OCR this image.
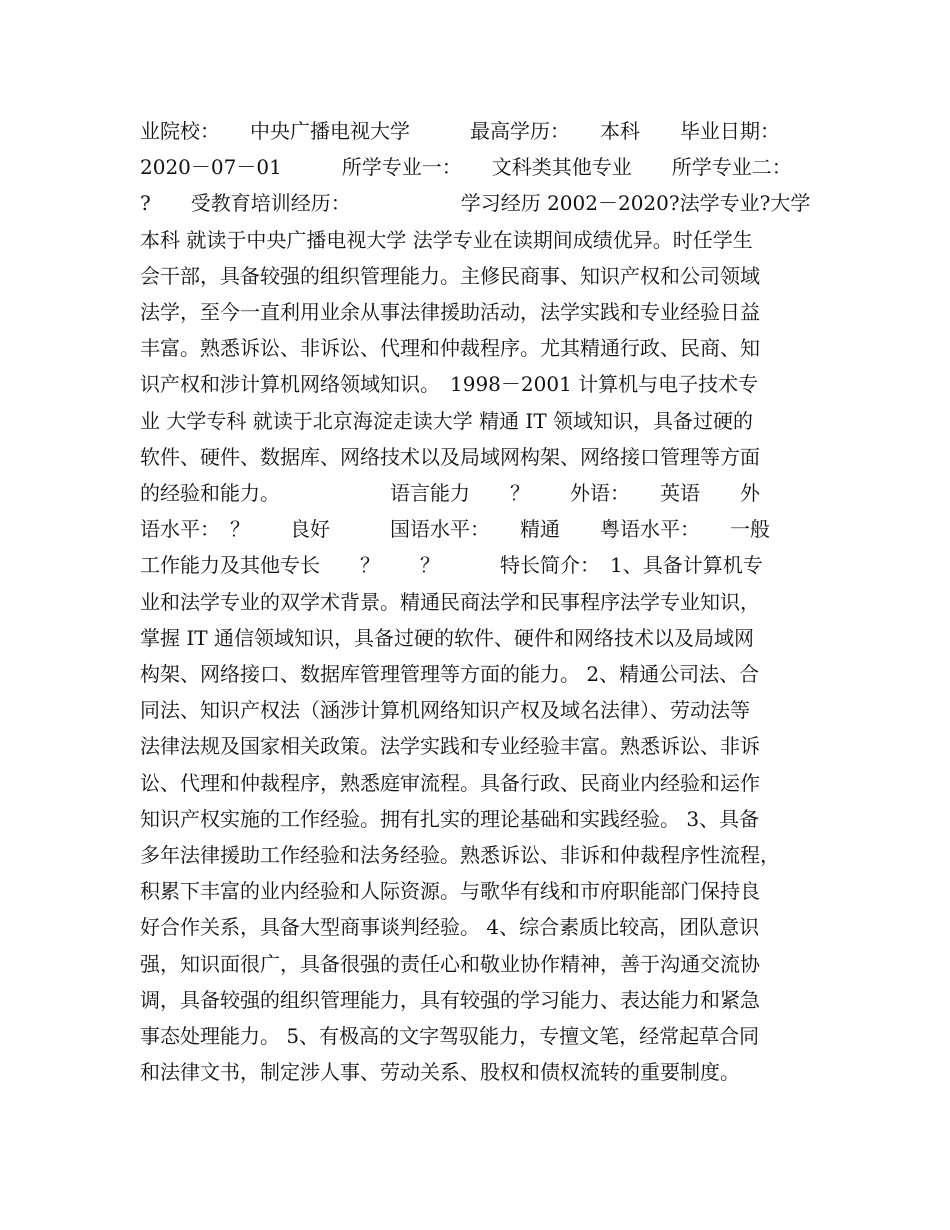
业院校：　　中央广播电视大学　　　最高学历：　　本科　　毕业日期：
2020－07－01　　　所学专业一：　　文科类其他专业　　所学专业二：
?　　受教育培训经历：　　　　　　学习经历 2002－2020?法学专业?大学
本科 就读于中央广播电视大学 法学专业在读期间成绩优异。时任学生
会干部，具备较强的组织管理能力。主修民商事、知识产权和公司领域
法学，至今一直利用业余从事法律援助活动，法学实践和专业经验日益
丰富。熟悉诉讼、非诉讼、代理和仲裁程序。尤其精通行政、民商、知
识产权和涉计算机网络领域知识。　1998－2001 计算机与电子技术专
业 大学专科 就读于北京海淀走读大学 精通 IT 领域知识，具备过硬的
软件、硬件、数据库、网络技术以及局域网构架、网络接口管理等方面
的经验和能力。　　　　　　语言能力　　？　　外语：　　英语　　外
语水平：　？　　良好　　　国语水平：　　精通　　粤语水平：　　一般
工作能力及其他专长　　？　　？　　　特长简介：　1、具备计算机专
业和法学专业的双学术背景。精通民商法学和民事程序法学专业知识，
掌握 IT 通信领域知识，具备过硬的软件、硬件和网络技术以及局域网
构架、网络接口、数据库管理管理等方面的能力。 2、精通公司法、合
同法、知识产权法（涵涉计算机网络知识产权及域名法律）、劳动法等
法律法规及国家相关政策。法学实践和专业经验丰富。熟悉诉讼、非诉
讼、代理和仲裁程序，熟悉庭审流程。具备行政、民商业内经验和运作
知识产权实施的工作经验。拥有扎实的理论基础和实践经验。 3、具备
多年法律援助工作经验和法务经验。熟悉诉讼、非诉和仲裁程序性流程，
积累下丰富的业内经验和人际资源。与歌华有线和市府职能部门保持良
好合作关系，具备大型商事谈判经验。 4、综合素质比较高，团队意识
强，知识面很广，具备很强的责任心和敬业协作精神，善于沟通交流协
调，具备较强的组织管理能力，具有较强的学习能力、表达能力和紧急
事态处理能力。 5、有极高的文字驾驭能力，专擅文笔，经常起草合同
和法律文书，制定涉人事、劳动关系、股权和债权流转的重要制度。
